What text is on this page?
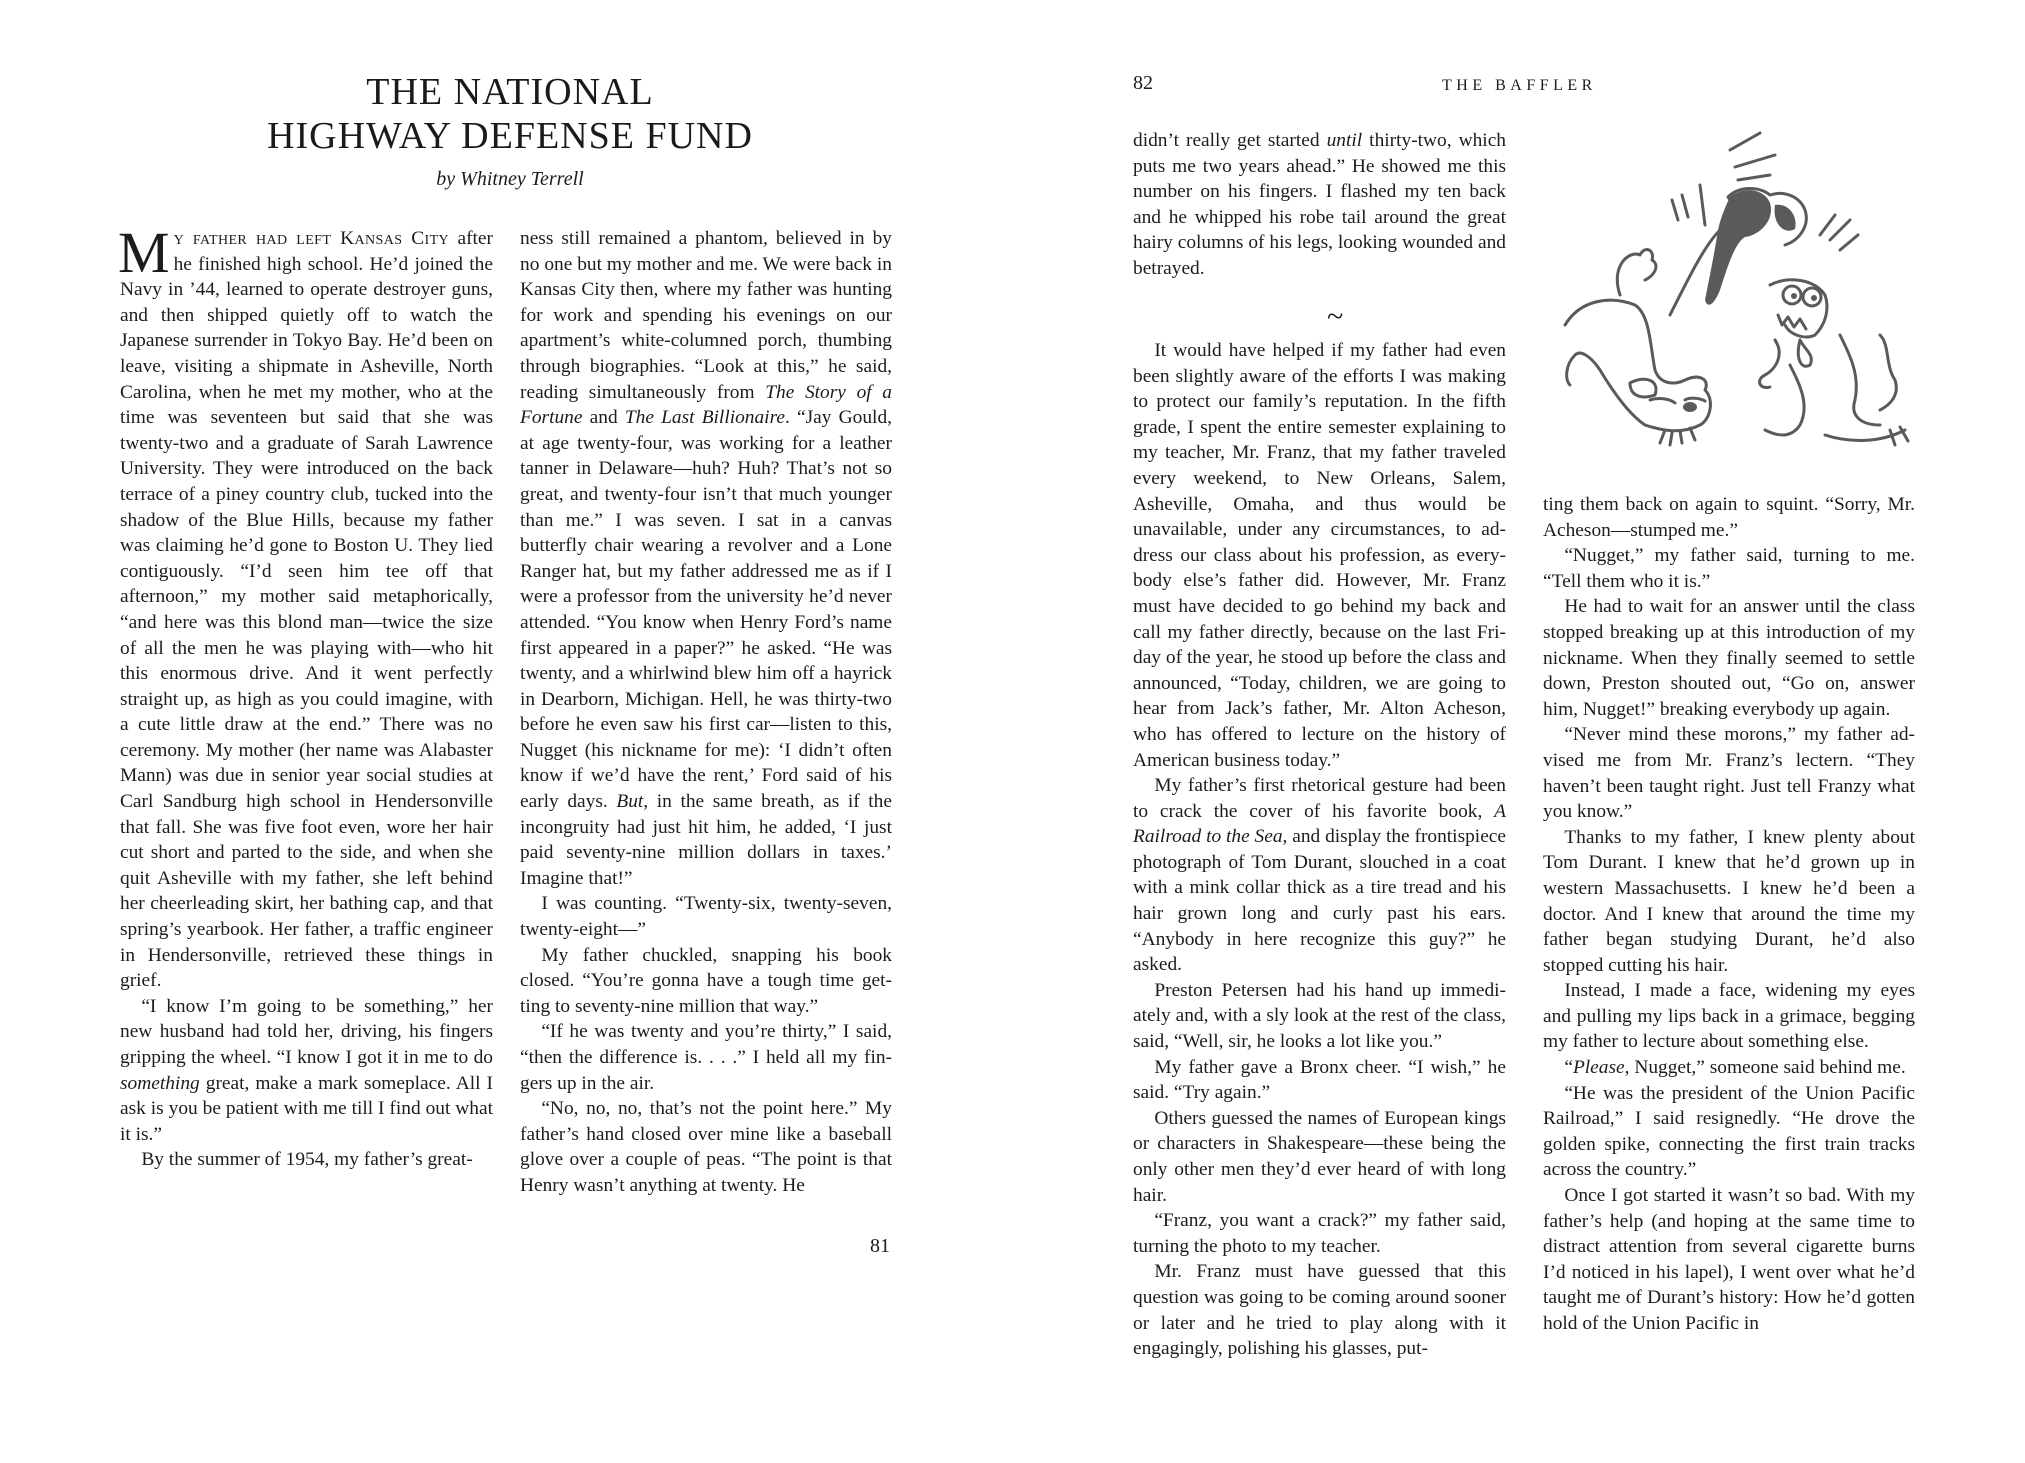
THE NATIONAL
HIGHWAY DEFENSE FUND
by Whitney Terrell

My father had left Kansas City after he finished high school. He’d joined the Navy in ’44, learned to operate destroyer guns, and then shipped quietly off to watch the Japanese surrender in Tokyo Bay. He’d been on leave, visiting a shipmate in Asheville, North Carolina, when he met my mother, who at the time was seventeen but said that she was twenty-two and a graduate of Sarah Lawrence University. They were introduced on the back terrace of a piney country club, tucked into the shadow of the Blue Hills, because my father was claiming he’d gone to Boston U. They lied contiguously. “I’d seen him tee off that afternoon,” my mother said metaphorically, “and here was this blond man—twice the size of all the men he was playing with—who hit this enormous drive. And it went perfectly straight up, as high as you could imagine, with a cute little draw at the end.” There was no ceremony. My mother (her name was Alabaster Mann) was due in senior year social studies at Carl Sandburg high school in Hendersonville that fall. She was five foot even, wore her hair cut short and parted to the side, and when she quit Asheville with my father, she left behind her cheerleading skirt, her bathing cap, and that spring’s yearbook. Her father, a traffic engineer in Hendersonville, retrieved these things in grief.

“I know I’m going to be something,” her new husband had told her, driving, his fingers gripping the wheel. “I know I got it in me to do something great, make a mark someplace. All I ask is you be patient with me till I find out what it is.”

By the summer of 1954, my father’s great-

ness still remained a phantom, believed in by no one but my mother and me. We were back in Kansas City then, where my father was hunting for work and spending his evenings on our apartment’s white-columned porch, thumbing through biographies. “Look at this,” he said, reading simultaneously from The Story of a Fortune and The Last Billionaire. “Jay Gould, at age twenty-four, was working for a leather tanner in Delaware—huh? Huh? That’s not so great, and twenty-four isn’t that much younger than me.” I was seven. I sat in a canvas butterfly chair wearing a revolver and a Lone Ranger hat, but my father addressed me as if I were a professor from the university he’d never attended. “You know when Henry Ford’s name first appeared in a paper?” he asked. “He was twenty, and a whirlwind blew him off a hayrick in Dearborn, Michigan. Hell, he was thirty-two before he even saw his first car—listen to this, Nugget (his nickname for me): ‘I didn’t often know if we’d have the rent,’ Ford said of his early days. But, in the same breath, as if the incongruity had just hit him, he added, ‘I just paid seventy-nine million dollars in taxes.’ Imagine that!”

I was counting. “Twenty-six, twenty-seven, twenty-eight—”

My father chuckled, snapping his book closed. “You’re gonna have a tough time getting to seventy-nine million that way.”

“If he was twenty and you’re thirty,” I said, “then the difference is. . . .” I held all my fingers up in the air.

“No, no, no, that’s not the point here.” My father’s hand closed over mine like a baseball glove over a couple of peas. “The point is that Henry wasn’t anything at twenty. He

81
82	THE BAFFLER

didn’t really get started until thirty-two, which puts me two years ahead.” He showed me this number on his fingers. I flashed my ten back and he whipped his robe tail around the great hairy columns of his legs, looking wounded and betrayed.

~

It would have helped if my father had even been slightly aware of the efforts I was making to protect our family’s reputation. In the fifth grade, I spent the entire semester explaining to my teacher, Mr. Franz, that my father traveled every weekend, to New Orleans, Salem, Asheville, Omaha, and thus would be unavailable, under any circumstances, to address our class about his profession, as everybody else’s father did. However, Mr. Franz must have decided to go behind my back and call my father directly, because on the last Friday of the year, he stood up before the class and announced, “Today, children, we are going to hear from Jack’s father, Mr. Alton Acheson, who has offered to lecture on the history of American business today.”

My father’s first rhetorical gesture had been to crack the cover of his favorite book, A Railroad to the Sea, and display the frontispiece photograph of Tom Durant, slouched in a coat with a mink collar thick as a tire tread and his hair grown long and curly past his ears. “Anybody in here recognize this guy?” he asked.

Preston Petersen had his hand up immediately and, with a sly look at the rest of the class, said, “Well, sir, he looks a lot like you.”

My father gave a Bronx cheer. “I wish,” he said. “Try again.”

Others guessed the names of European kings or characters in Shakespeare—these being the only other men they’d ever heard of with long hair.

“Franz, you want a crack?” my father said, turning the photo to my teacher.

Mr. Franz must have guessed that this question was going to be coming around sooner or later and he tried to play along with it engagingly, polishing his glasses, put-

ting them back on again to squint. “Sorry, Mr. Acheson—stumped me.”

“Nugget,” my father said, turning to me. “Tell them who it is.”

He had to wait for an answer until the class stopped breaking up at this introduction of my nickname. When they finally seemed to settle down, Preston shouted out, “Go on, answer him, Nugget!” breaking everybody up again.

“Never mind these morons,” my father advised me from Mr. Franz’s lectern. “They haven’t been taught right. Just tell Franzy what you know.”

Thanks to my father, I knew plenty about Tom Durant. I knew that he’d grown up in western Massachusetts. I knew he’d been a doctor. And I knew that around the time my father began studying Durant, he’d also stopped cutting his hair.

Instead, I made a face, widening my eyes and pulling my lips back in a grimace, begging my father to lecture about something else.

“Please, Nugget,” someone said behind me.

“He was the president of the Union Pacific Railroad,” I said resignedly. “He drove the golden spike, connecting the first train tracks across the country.”

Once I got started it wasn’t so bad. With my father’s help (and hoping at the same time to distract attention from several cigarette burns I’d noticed in his lapel), I went over what he’d taught me of Durant’s history: How he’d gotten hold of the Union Pacific in
